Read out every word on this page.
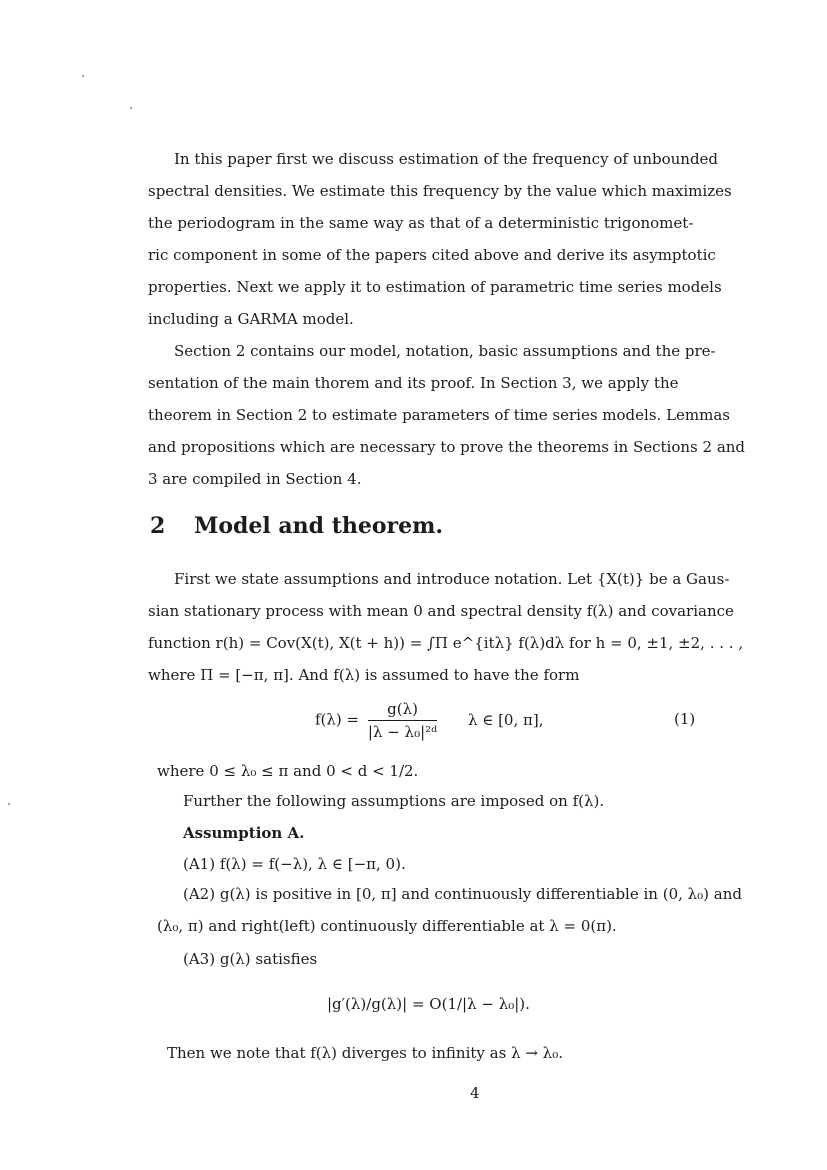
In this paper first we discuss estimation of the frequency of unbounded
spectral densities. We estimate this frequency by the value which maximizes
the periodogram in the same way as that of a deterministic trigonomet-
ric component in some of the papers cited above and derive its asymptotic
properties. Next we apply it to estimation of parametric time series models
including a GARMA model.
Section 2 contains our model, notation, basic assumptions and the pre-
sentation of the main thorem and its proof. In Section 3, we apply the
theorem in Section 2 to estimate parameters of time series models. Lemmas
and propositions which are necessary to prove the theorems in Sections 2 and
3 are compiled in Section 4.
2 Model and theorem.
First we state assumptions and introduce notation. Let {X(t)} be a Gaus-
sian stationary process with mean 0 and spectral density f(λ) and covariance
function r(h) = Cov(X(t), X(t + h)) = ∫Π e^{itλ} f(λ)dλ for h = 0, ±1, ±2, . . . ,
where Π = [−π, π]. And f(λ) is assumed to have the form
$f(\lambda) = \frac{g(\lambda)}{\text{|λ − λ₀|²ᵈ}}$ λ ∈ [0, π],	(1)
where 0 ≤ λ₀ ≤ π and 0 < d < 1/2.
Further the following assumptions are imposed on f(λ).
Assumption A.
(A1) f(λ) = f(−λ), λ ∈ [−π, 0).
(A2) g(λ) is positive in [0, π] and continuously differentiable in (0, λ₀) and
(λ₀, π) and right(left) continuously differentiable at λ = 0(π).
(A3) g(λ) satisfies
|g′(λ)/g(λ)| = O(1/|λ − λ₀|).
Then we note that f(λ) diverges to infinity as λ → λ₀.
4
